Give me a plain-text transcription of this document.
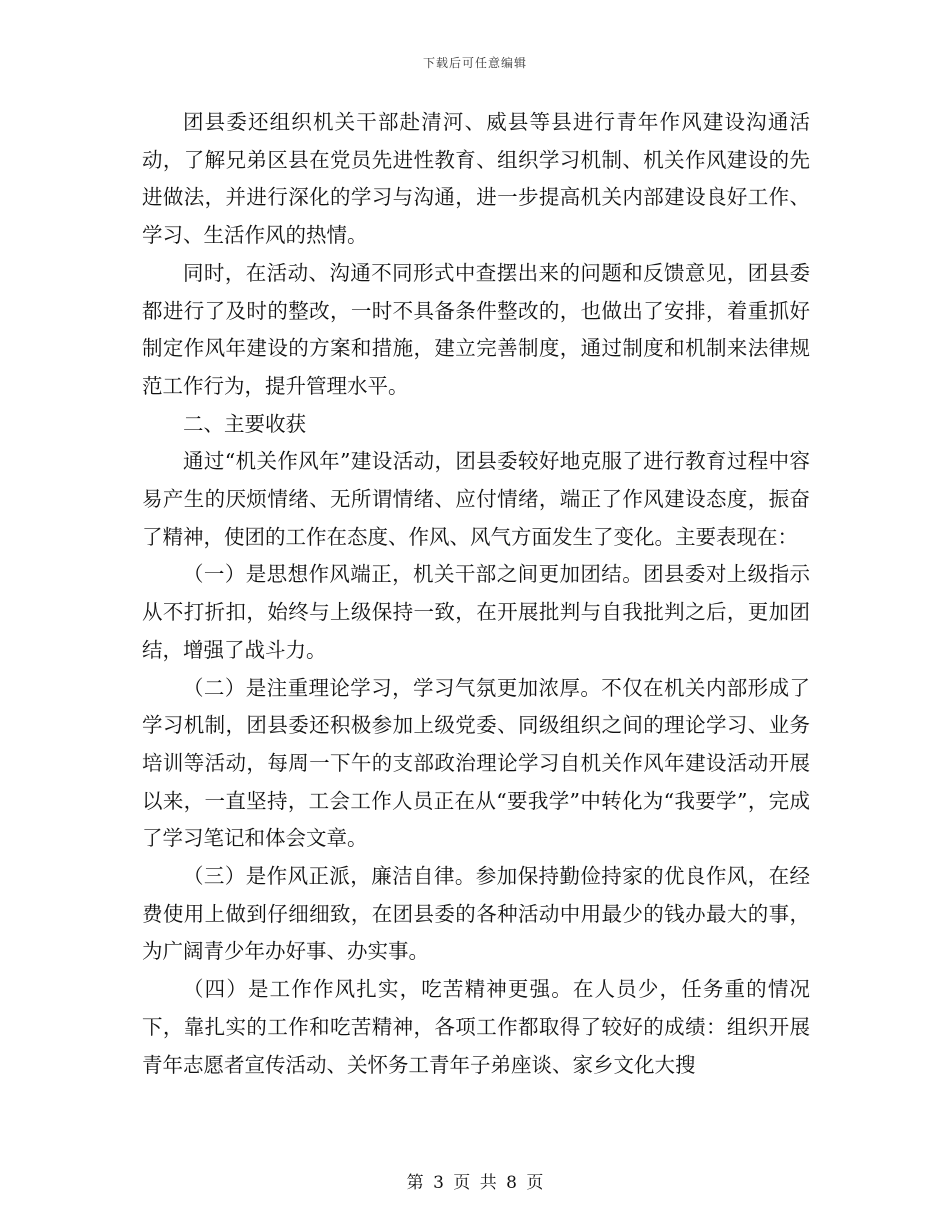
下载后可任意编辑

团县委还组织机关干部赴清河、威县等县进行青年作风建设沟通活动，了解兄弟区县在党员先进性教育、组织学习机制、机关作风建设的先进做法，并进行深化的学习与沟通，进一步提高机关内部建设良好工作、学习、生活作风的热情。

同时，在活动、沟通不同形式中查摆出来的问题和反馈意见，团县委都进行了及时的整改，一时不具备条件整改的，也做出了安排，着重抓好制定作风年建设的方案和措施，建立完善制度，通过制度和机制来法律规范工作行为，提升管理水平。

二、主要收获

通过“机关作风年”建设活动，团县委较好地克服了进行教育过程中容易产生的厌烦情绪、无所谓情绪、应付情绪，端正了作风建设态度，振奋了精神，使团的工作在态度、作风、风气方面发生了变化。主要表现在：

（一）是思想作风端正，机关干部之间更加团结。团县委对上级指示从不打折扣，始终与上级保持一致，在开展批判与自我批判之后，更加团结，增强了战斗力。

（二）是注重理论学习，学习气氛更加浓厚。不仅在机关内部形成了学习机制，团县委还积极参加上级党委、同级组织之间的理论学习、业务培训等活动，每周一下午的支部政治理论学习自机关作风年建设活动开展以来，一直坚持，工会工作人员正在从“要我学”中转化为“我要学”，完成了学习笔记和体会文章。

（三）是作风正派，廉洁自律。参加保持勤俭持家的优良作风，在经费使用上做到仔细细致，在团县委的各种活动中用最少的钱办最大的事，为广阔青少年办好事、办实事。

（四）是工作作风扎实，吃苦精神更强。在人员少，任务重的情况下，靠扎实的工作和吃苦精神，各项工作都取得了较好的成绩：组织开展青年志愿者宣传活动、关怀务工青年子弟座谈、家乡文化大搜

第 3 页 共 8 页
